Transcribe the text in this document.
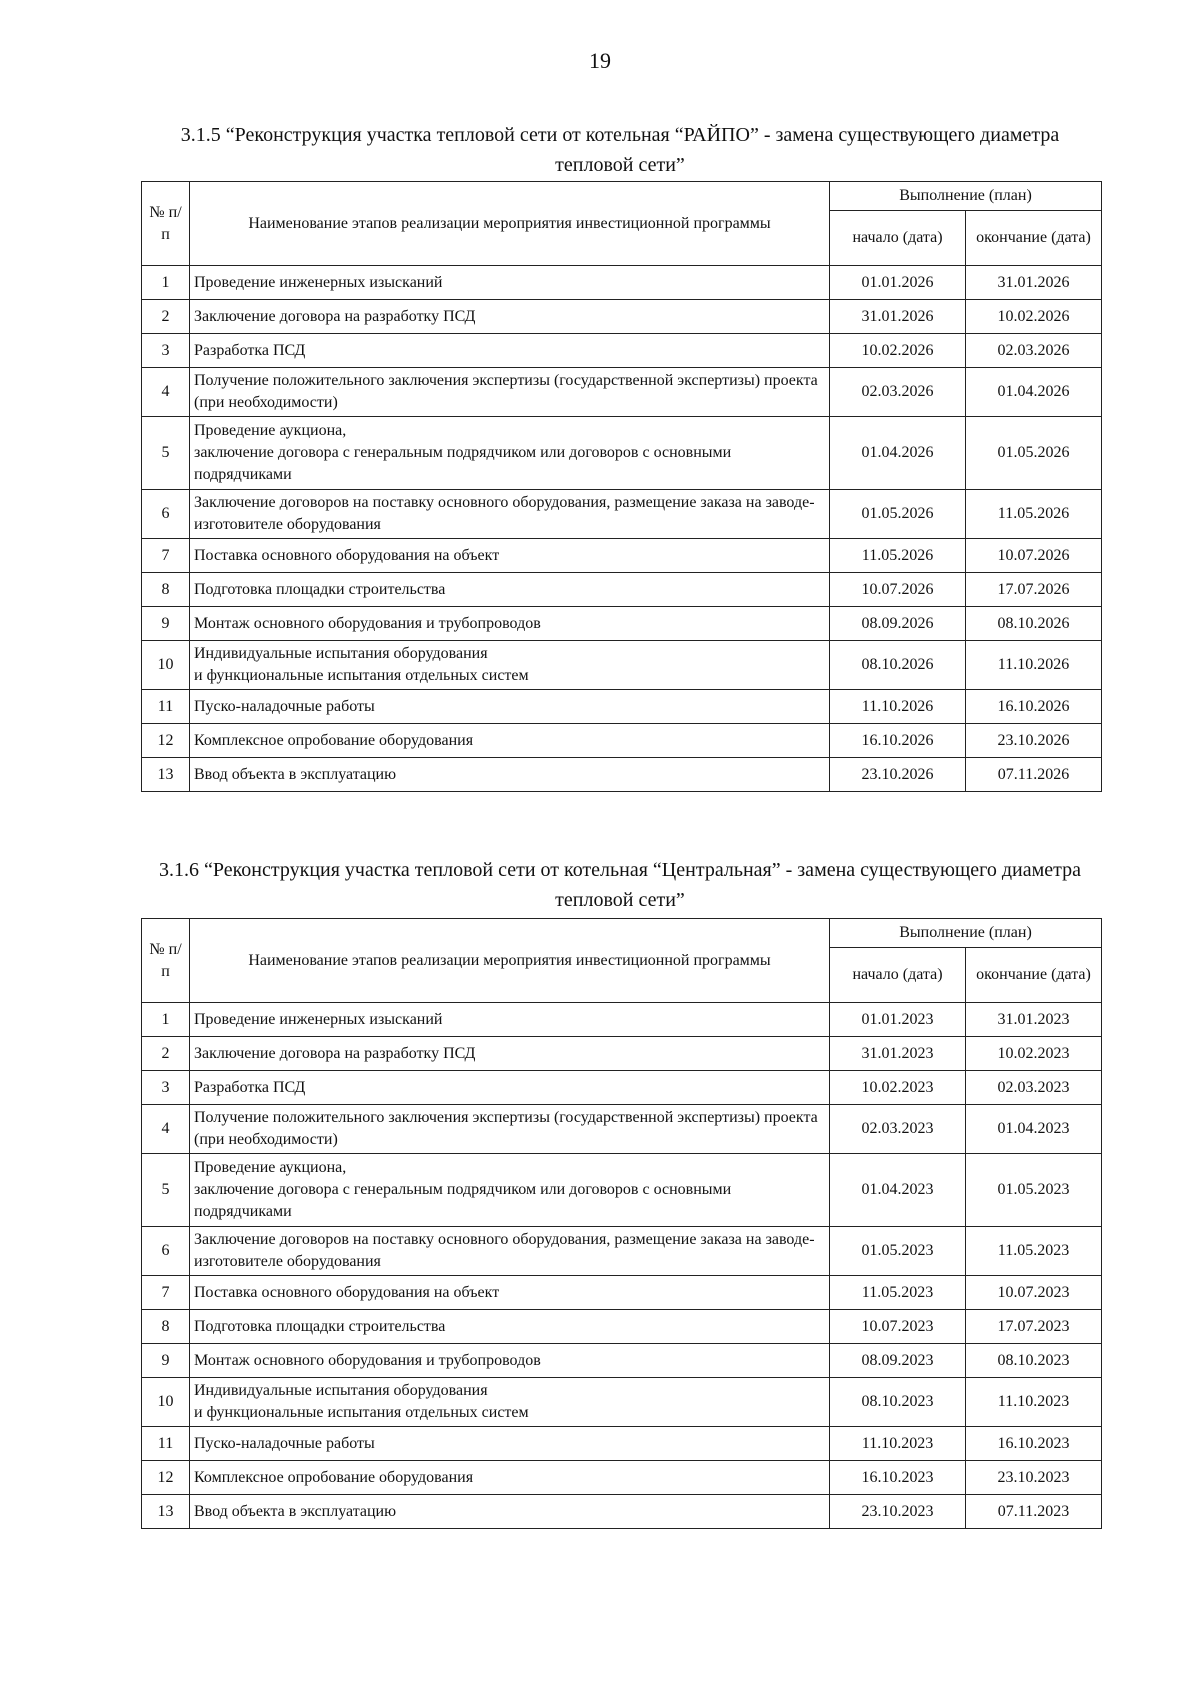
19
3.1.5 “Реконструкция участка тепловой сети от котельная “РАЙПО” - замена существующего диаметра тепловой сети”
№ п/п	Наименование этапов реализации мероприятия инвестиционной программы	Выполнение (план)	
		начало (дата)	окончание (дата)
1	Проведение инженерных изысканий	01.01.2026	31.01.2026
2	Заключение договора на разработку ПСД	31.01.2026	10.02.2026
3	Разработка ПСД	10.02.2026	02.03.2026
4	Получение положительного заключения экспертизы (государственной экспертизы) проекта (при необходимости)	02.03.2026	01.04.2026
5	Проведение аукциона,
заключение договора с генеральным подрядчиком или договоров с основными подрядчиками	01.04.2026	01.05.2026
6	Заключение договоров на поставку основного оборудования, размещение заказа на заводе-изготовителе оборудования	01.05.2026	11.05.2026
7	Поставка основного оборудования на объект	11.05.2026	10.07.2026
8	Подготовка площадки строительства	10.07.2026	17.07.2026
9	Монтаж основного оборудования и трубопроводов	08.09.2026	08.10.2026
10	Индивидуальные испытания оборудования
и функциональные испытания отдельных систем	08.10.2026	11.10.2026
11	Пуско-наладочные работы	11.10.2026	16.10.2026
12	Комплексное опробование оборудования	16.10.2026	23.10.2026
13	Ввод объекта в эксплуатацию	23.10.2026	07.11.2026
3.1.6 “Реконструкция участка тепловой сети от котельная “Центральная” - замена существующего диаметра тепловой сети”
№ п/п	Наименование этапов реализации мероприятия инвестиционной программы	Выполнение (план)	
		начало (дата)	окончание (дата)
1	Проведение инженерных изысканий	01.01.2023	31.01.2023
2	Заключение договора на разработку ПСД	31.01.2023	10.02.2023
3	Разработка ПСД	10.02.2023	02.03.2023
4	Получение положительного заключения экспертизы (государственной экспертизы) проекта (при необходимости)	02.03.2023	01.04.2023
5	Проведение аукциона,
заключение договора с генеральным подрядчиком или договоров с основными подрядчиками	01.04.2023	01.05.2023
6	Заключение договоров на поставку основного оборудования, размещение заказа на заводе-изготовителе оборудования	01.05.2023	11.05.2023
7	Поставка основного оборудования на объект	11.05.2023	10.07.2023
8	Подготовка площадки строительства	10.07.2023	17.07.2023
9	Монтаж основного оборудования и трубопроводов	08.09.2023	08.10.2023
10	Индивидуальные испытания оборудования
и функциональные испытания отдельных систем	08.10.2023	11.10.2023
11	Пуско-наладочные работы	11.10.2023	16.10.2023
12	Комплексное опробование оборудования	16.10.2023	23.10.2023
13	Ввод объекта в эксплуатацию	23.10.2023	07.11.2023
